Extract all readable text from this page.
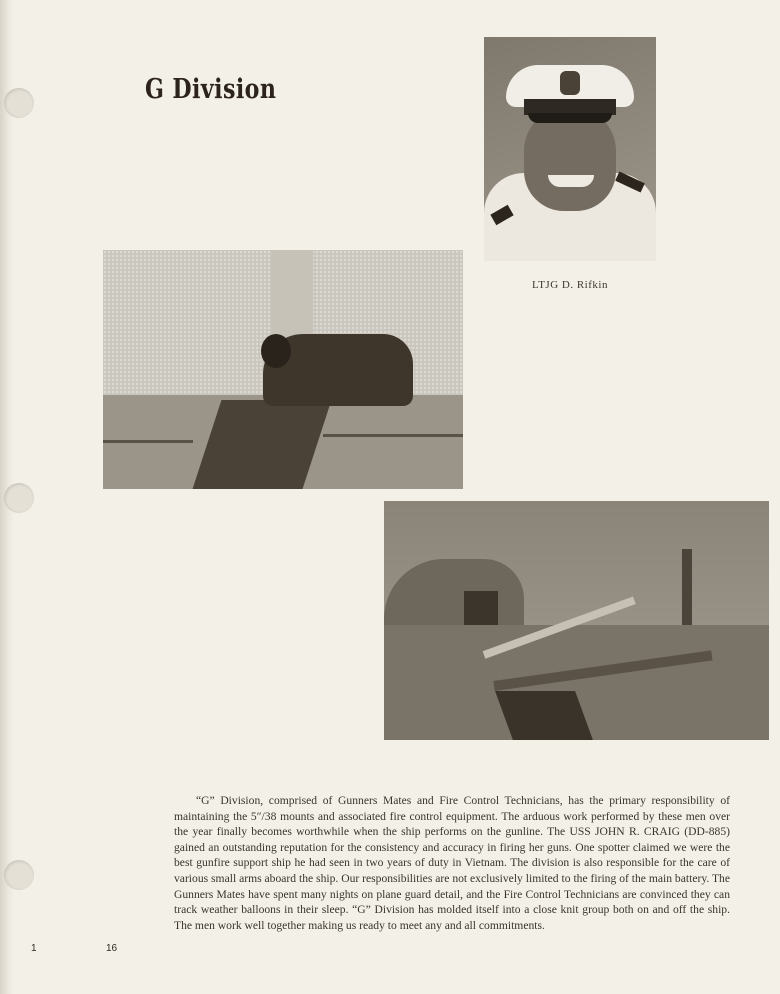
G Division
LTJG D. Rifkin

“G” Division, comprised of Gunners Mates and Fire Control Technicians, has the primary responsibility of maintaining the 5″/38 mounts and associated fire control equipment. The arduous work performed by these men over the year finally becomes worthwhile when the ship performs on the gunline. The USS JOHN R. CRAIG (DD-885) gained an outstanding reputation for the consistency and accuracy in firing her guns. One spotter claimed we were the best gunfire support ship he had seen in two years of duty in Vietnam. The division is also responsible for the care of various small arms aboard the ship. Our responsibilities are not exclusively limited to the firing of the main battery. The Gunners Mates have spent many nights on plane guard detail, and the Fire Control Technicians are convinced they can track weather balloons in their sleep. “G” Division has molded itself into a close knit group both on and off the ship. The men work well together making us ready to meet any and all commitments.

1	16
